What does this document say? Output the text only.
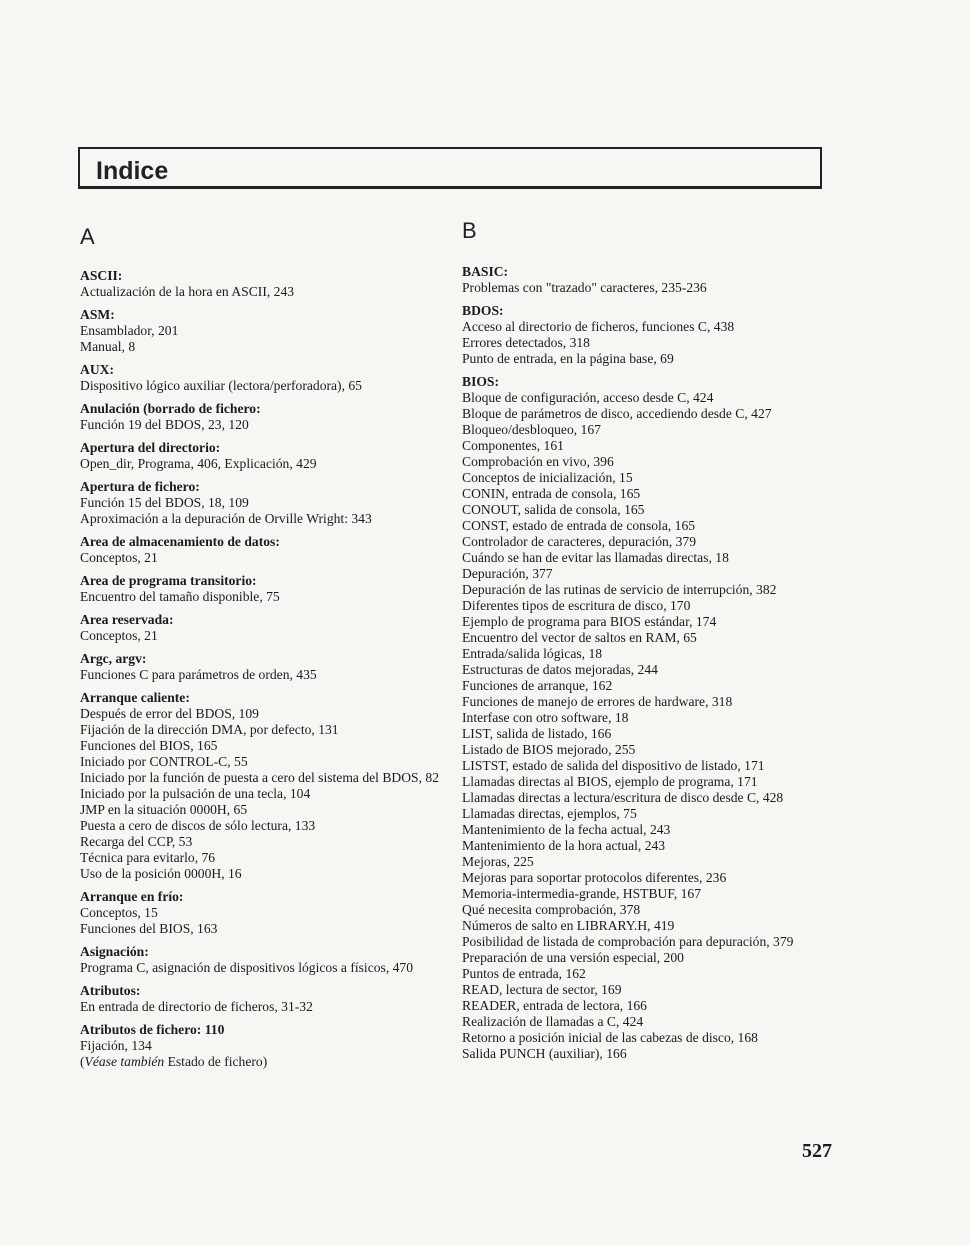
Indice
A	B
ASCII:
Actualización de la hora en ASCII, 243
ASM:
Ensamblador, 201
Manual, 8
AUX:
Dispositivo lógico auxiliar (lectora/perforadora), 65
Anulación (borrado de fichero:
Función 19 del BDOS, 23, 120
Apertura del directorio:
Open_dir, Programa, 406, Explicación, 429
Apertura de fichero:
Función 15 del BDOS, 18, 109
Aproximación a la depuración de Orville Wright: 343
Area de almacenamiento de datos:
Conceptos, 21
Area de programa transitorio:
Encuentro del tamaño disponible, 75
Area reservada:
Conceptos, 21
Argc, argv:
Funciones C para parámetros de orden, 435
Arranque caliente:
Después de error del BDOS, 109
Fijación de la dirección DMA, por defecto, 131
Funciones del BIOS, 165
Iniciado por CONTROL-C, 55
Iniciado por la función de puesta a cero del sistema del BDOS, 82
Iniciado por la pulsación de una tecla, 104
JMP en la situación 0000H, 65
Puesta a cero de discos de sólo lectura, 133
Recarga del CCP, 53
Técnica para evitarlo, 76
Uso de la posición 0000H, 16
Arranque en frío:
Conceptos, 15
Funciones del BIOS, 163
Asignación:
Programa C, asignación de dispositivos lógicos a físicos, 470
Atributos:
En entrada de directorio de ficheros, 31-32
Atributos de fichero: 110
Fijación, 134
(Véase también Estado de fichero)
BASIC:
Problemas con "trazado" caracteres, 235-236
BDOS:
Acceso al directorio de ficheros, funciones C, 438
Errores detectados, 318
Punto de entrada, en la página base, 69
BIOS:
Bloque de configuración, acceso desde C, 424
Bloque de parámetros de disco, accediendo desde C, 427
Bloqueo/desbloqueo, 167
Componentes, 161
Comprobación en vivo, 396
Conceptos de inicialización, 15
CONIN, entrada de consola, 165
CONOUT, salida de consola, 165
CONST, estado de entrada de consola, 165
Controlador de caracteres, depuración, 379
Cuándo se han de evitar las llamadas directas, 18
Depuración, 377
Depuración de las rutinas de servicio de interrupción, 382
Diferentes tipos de escritura de disco, 170
Ejemplo de programa para BIOS estándar, 174
Encuentro del vector de saltos en RAM, 65
Entrada/salida lógicas, 18
Estructuras de datos mejoradas, 244
Funciones de arranque, 162
Funciones de manejo de errores de hardware, 318
Interfase con otro software, 18
LIST, salida de listado, 166
Listado de BIOS mejorado, 255
LISTST, estado de salida del dispositivo de listado, 171
Llamadas directas al BIOS, ejemplo de programa, 171
Llamadas directas a lectura/escritura de disco desde C, 428
Llamadas directas, ejemplos, 75
Mantenimiento de la fecha actual, 243
Mantenimiento de la hora actual, 243
Mejoras, 225
Mejoras para soportar protocolos diferentes, 236
Memoria-intermedia-grande, HSTBUF, 167
Qué necesita comprobación, 378
Números de salto en LIBRARY.H, 419
Posibilidad de listada de comprobación para depuración, 379
Preparación de una versión especial, 200
Puntos de entrada, 162
READ, lectura de sector, 169
READER, entrada de lectora, 166
Realización de llamadas a C, 424
Retorno a posición inicial de las cabezas de disco, 168
Salida PUNCH (auxiliar), 166
527
